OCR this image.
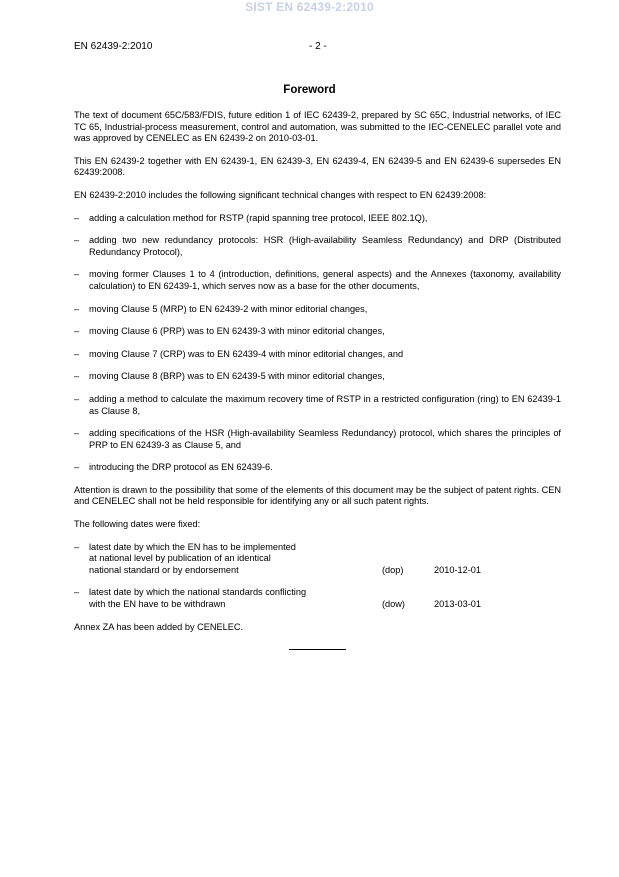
SIST EN 62439-2:2010
EN 62439-2:2010	- 2 -
Foreword

The text of document 65C/583/FDIS, future edition 1 of IEC 62439-2, prepared by SC 65C, Industrial networks, of IEC TC 65, Industrial-process measurement, control and automation, was submitted to the IEC-CENELEC parallel vote and was approved by CENELEC as EN 62439-2 on 2010-03-01.

This EN 62439-2 together with EN 62439-1, EN 62439-3, EN 62439-4, EN 62439-5 and EN 62439-6 supersedes EN 62439:2008.

EN 62439-2:2010 includes the following significant technical changes with respect to EN 62439:2008:

– adding a calculation method for RSTP (rapid spanning tree protocol, IEEE 802.1Q),
– adding two new redundancy protocols: HSR (High-availability Seamless Redundancy) and DRP (Distributed Redundancy Protocol),
– moving former Clauses 1 to 4 (introduction, definitions, general aspects) and the Annexes (taxonomy, availability calculation) to EN 62439-1, which serves now as a base for the other documents,
– moving Clause 5 (MRP) to EN 62439-2 with minor editorial changes,
– moving Clause 6 (PRP) was to EN 62439-3 with minor editorial changes,
– moving Clause 7 (CRP) was to EN 62439-4 with minor editorial changes, and
– moving Clause 8 (BRP) was to EN 62439-5 with minor editorial changes,
– adding a method to calculate the maximum recovery time of RSTP in a restricted configuration (ring) to EN 62439-1 as Clause 8,
– adding specifications of the HSR (High-availability Seamless Redundancy) protocol, which shares the principles of PRP to EN 62439-3 as Clause 5, and
– introducing the DRP protocol as EN 62439-6.

Attention is drawn to the possibility that some of the elements of this document may be the subject of patent rights. CEN and CENELEC shall not be held responsible for identifying any or all such patent rights.

The following dates were fixed:

– latest date by which the EN has to be implemented
at national level by publication of an identical
national standard or by endorsement	(dop)	2010-12-01
– latest date by which the national standards conflicting
with the EN have to be withdrawn	(dow)	2013-03-01

Annex ZA has been added by CENELEC.
